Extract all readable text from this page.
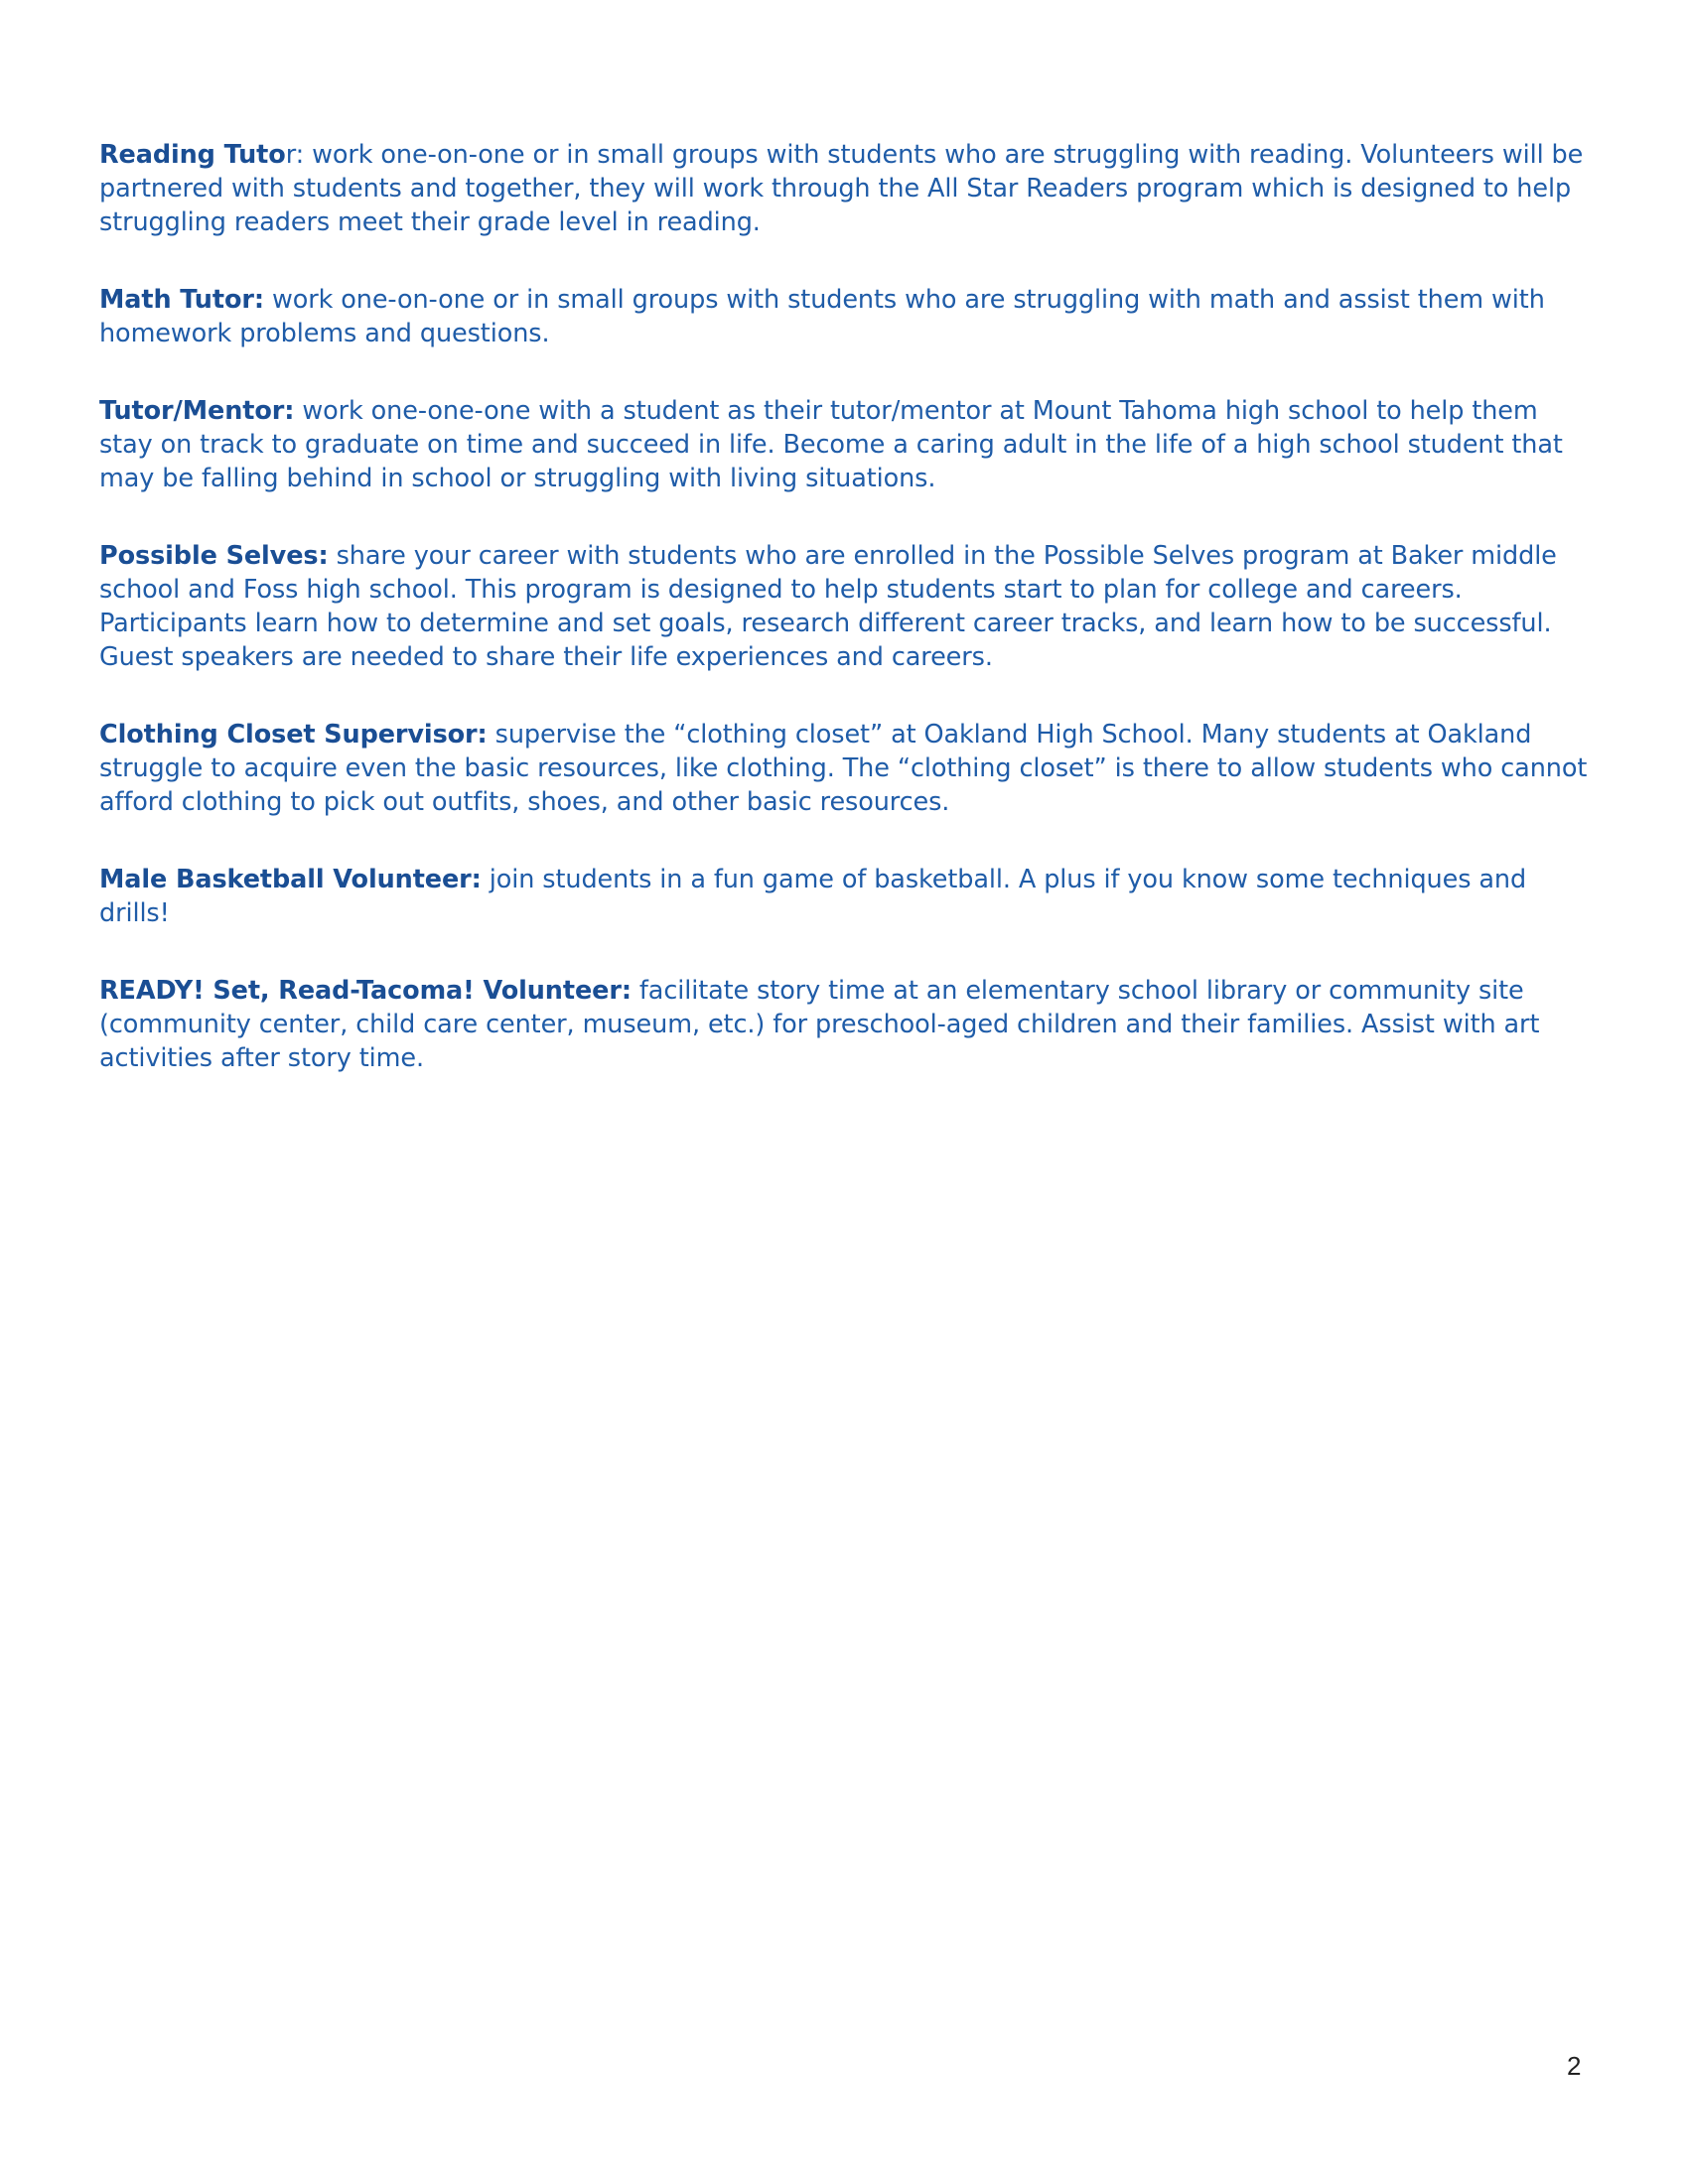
Reading Tutor: work one-on-one or in small groups with students who are struggling with reading. Volunteers will be partnered with students and together, they will work through the All Star Readers program which is designed to help struggling readers meet their grade level in reading.

Math Tutor: work one-on-one or in small groups with students who are struggling with math and assist them with homework problems and questions.

Tutor/Mentor: work one-one-one with a student as their tutor/mentor at Mount Tahoma high school to help them stay on track to graduate on time and succeed in life. Become a caring adult in the life of a high school student that may be falling behind in school or struggling with living situations.

Possible Selves: share your career with students who are enrolled in the Possible Selves program at Baker middle school and Foss high school. This program is designed to help students start to plan for college and careers. Participants learn how to determine and set goals, research different career tracks, and learn how to be successful. Guest speakers are needed to share their life experiences and careers.

Clothing Closet Supervisor: supervise the “clothing closet” at Oakland High School. Many students at Oakland struggle to acquire even the basic resources, like clothing. The “clothing closet” is there to allow students who cannot afford clothing to pick out outfits, shoes, and other basic resources.

Male Basketball Volunteer: join students in a fun game of basketball. A plus if you know some techniques and drills!

READY! Set, Read-Tacoma! Volunteer: facilitate story time at an elementary school library or community site (community center, child care center, museum, etc.) for preschool-aged children and their families. Assist with art activities after story time.

2
